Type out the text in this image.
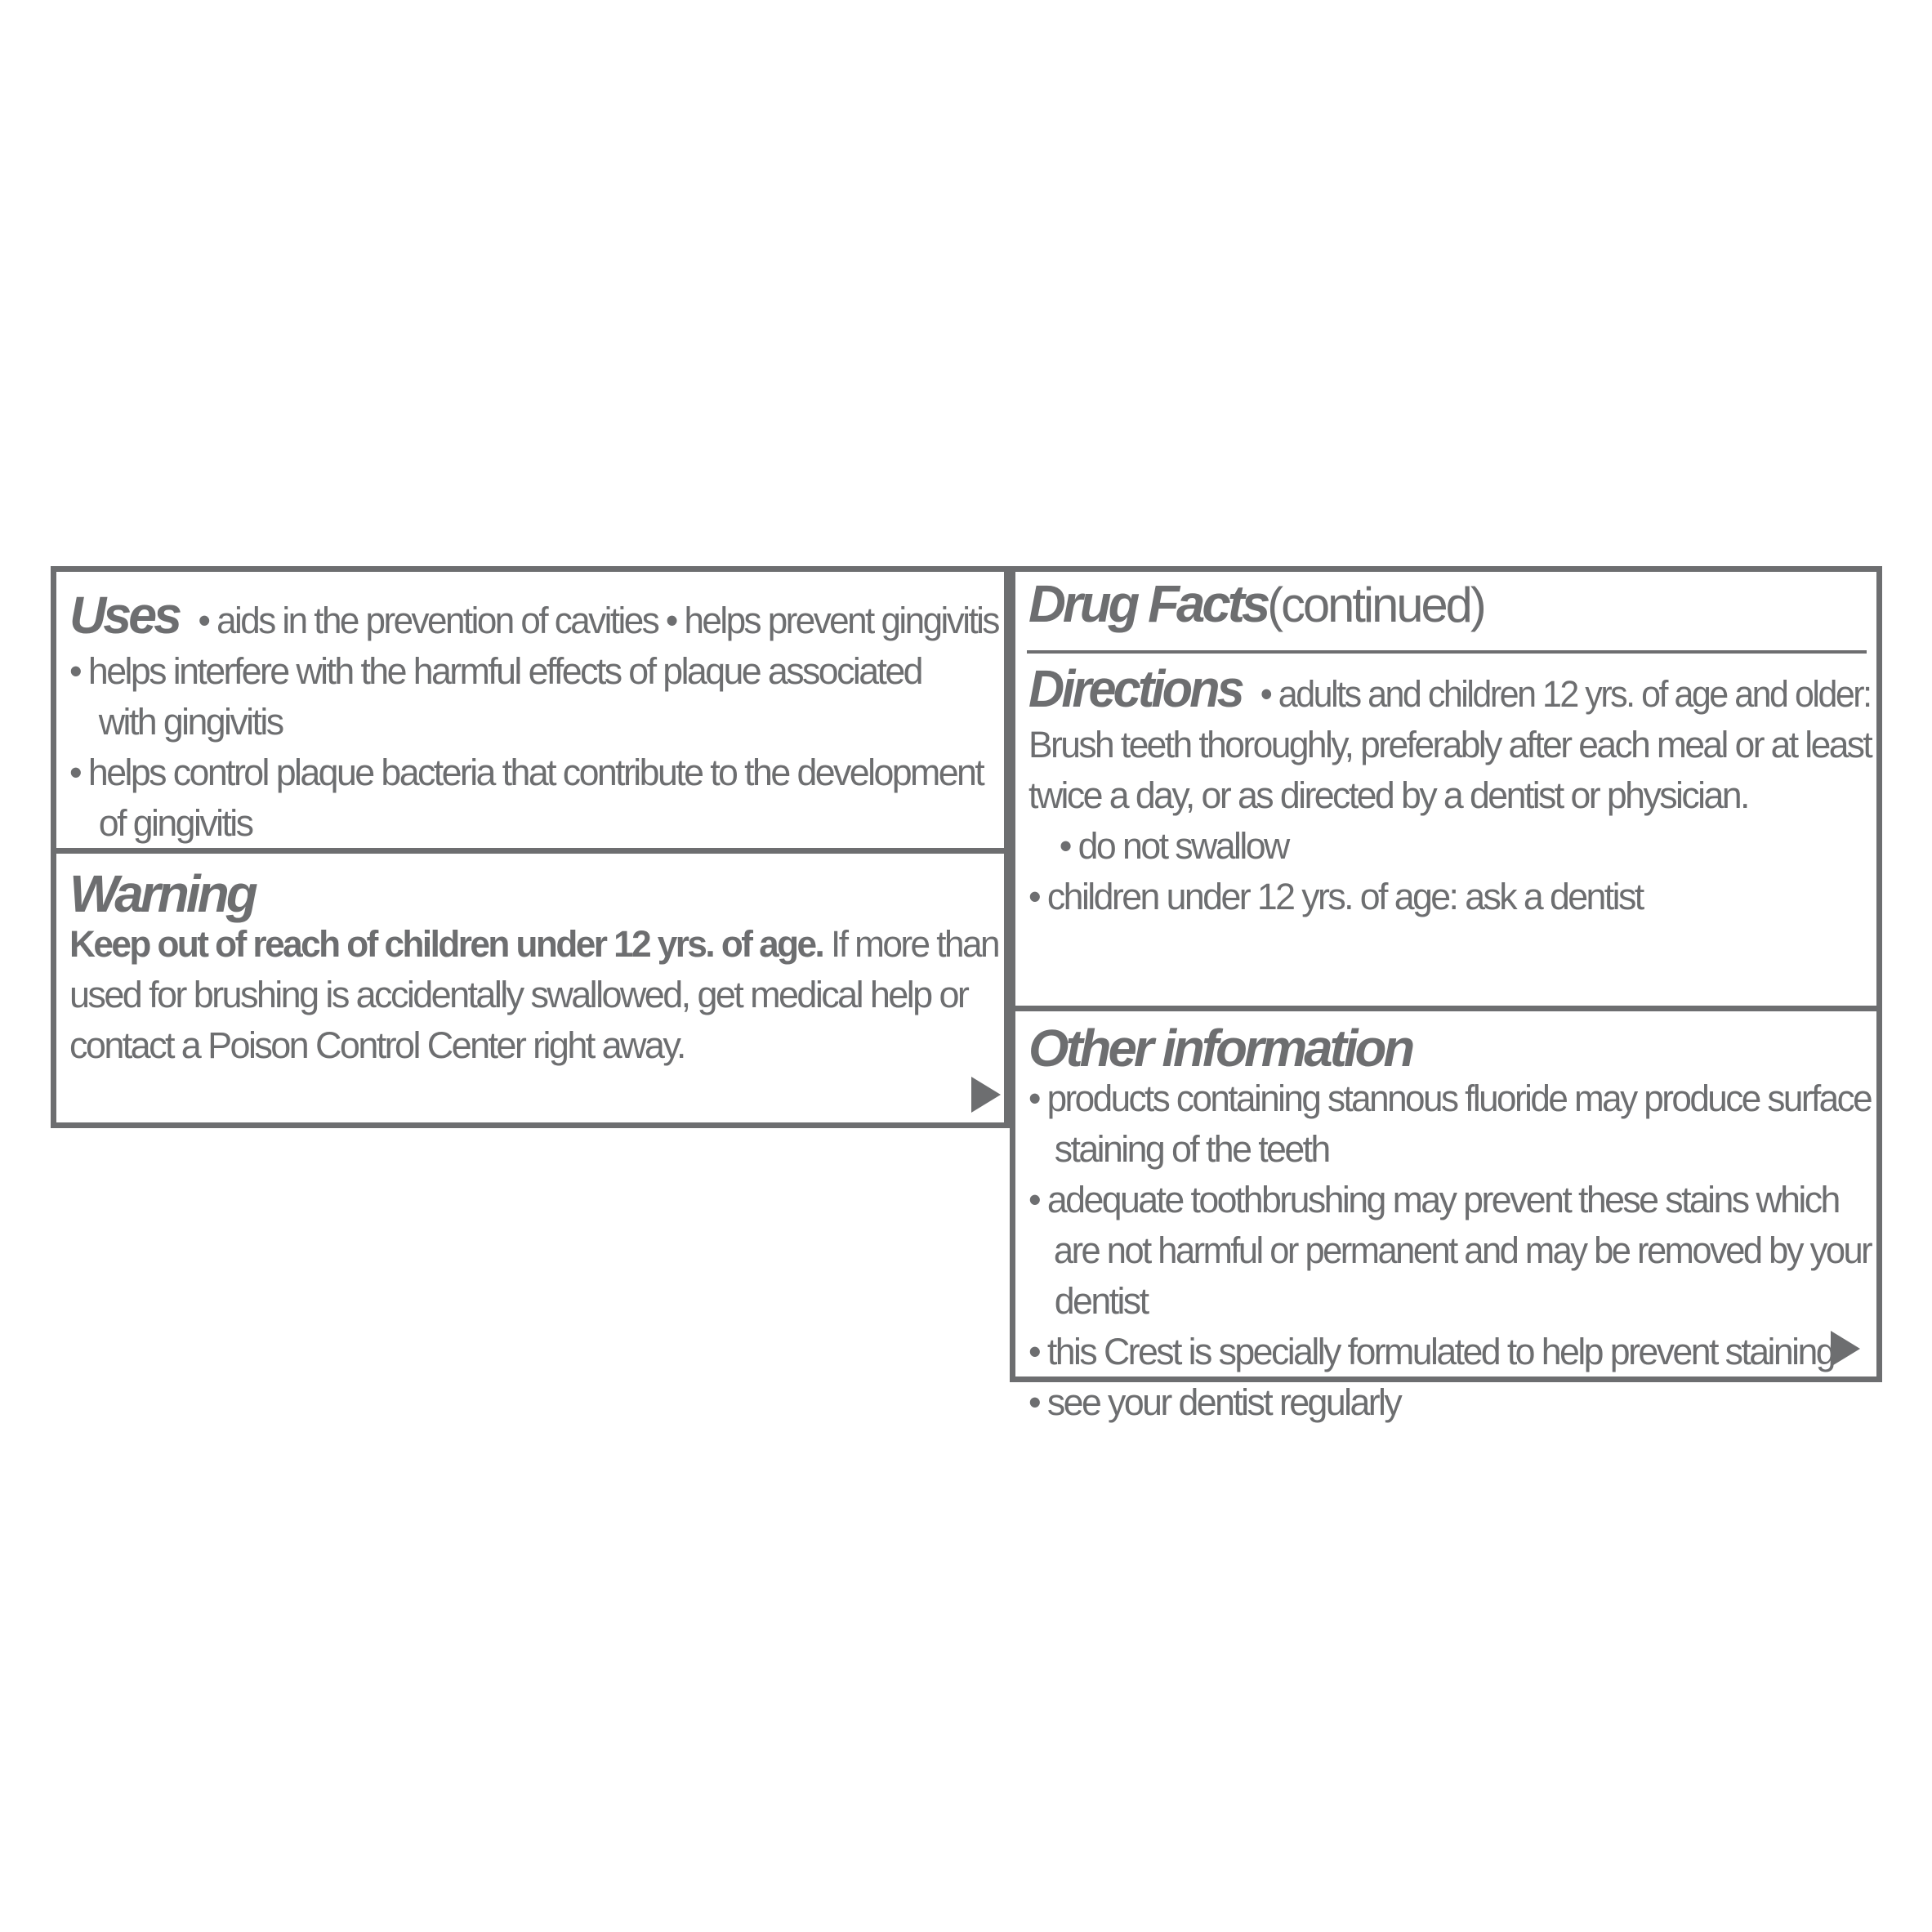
Uses • aids in the prevention of cavities • helps prevent gingivitis
• helps interfere with the harmful effects of plaque associated
with gingivitis
• helps control plaque bacteria that contribute to the development
of gingivitis
Warning
Keep out of reach of children under 12 yrs. of age. If more than
used for brushing is accidentally swallowed, get medical help or
contact a Poison Control Center right away.
Drug Facts(continued)
Directions • adults and children 12 yrs. of age and older:
Brush teeth thoroughly, preferably after each meal or at least
twice a day, or as directed by a dentist or physician.
• do not swallow
• children under 12 yrs. of age: ask a dentist
Other information
• products containing stannous fluoride may produce surface
staining of the teeth
• adequate toothbrushing may prevent these stains which
are not harmful or permanent and may be removed by your
dentist
• this Crest is specially formulated to help prevent staining
• see your dentist regularly
